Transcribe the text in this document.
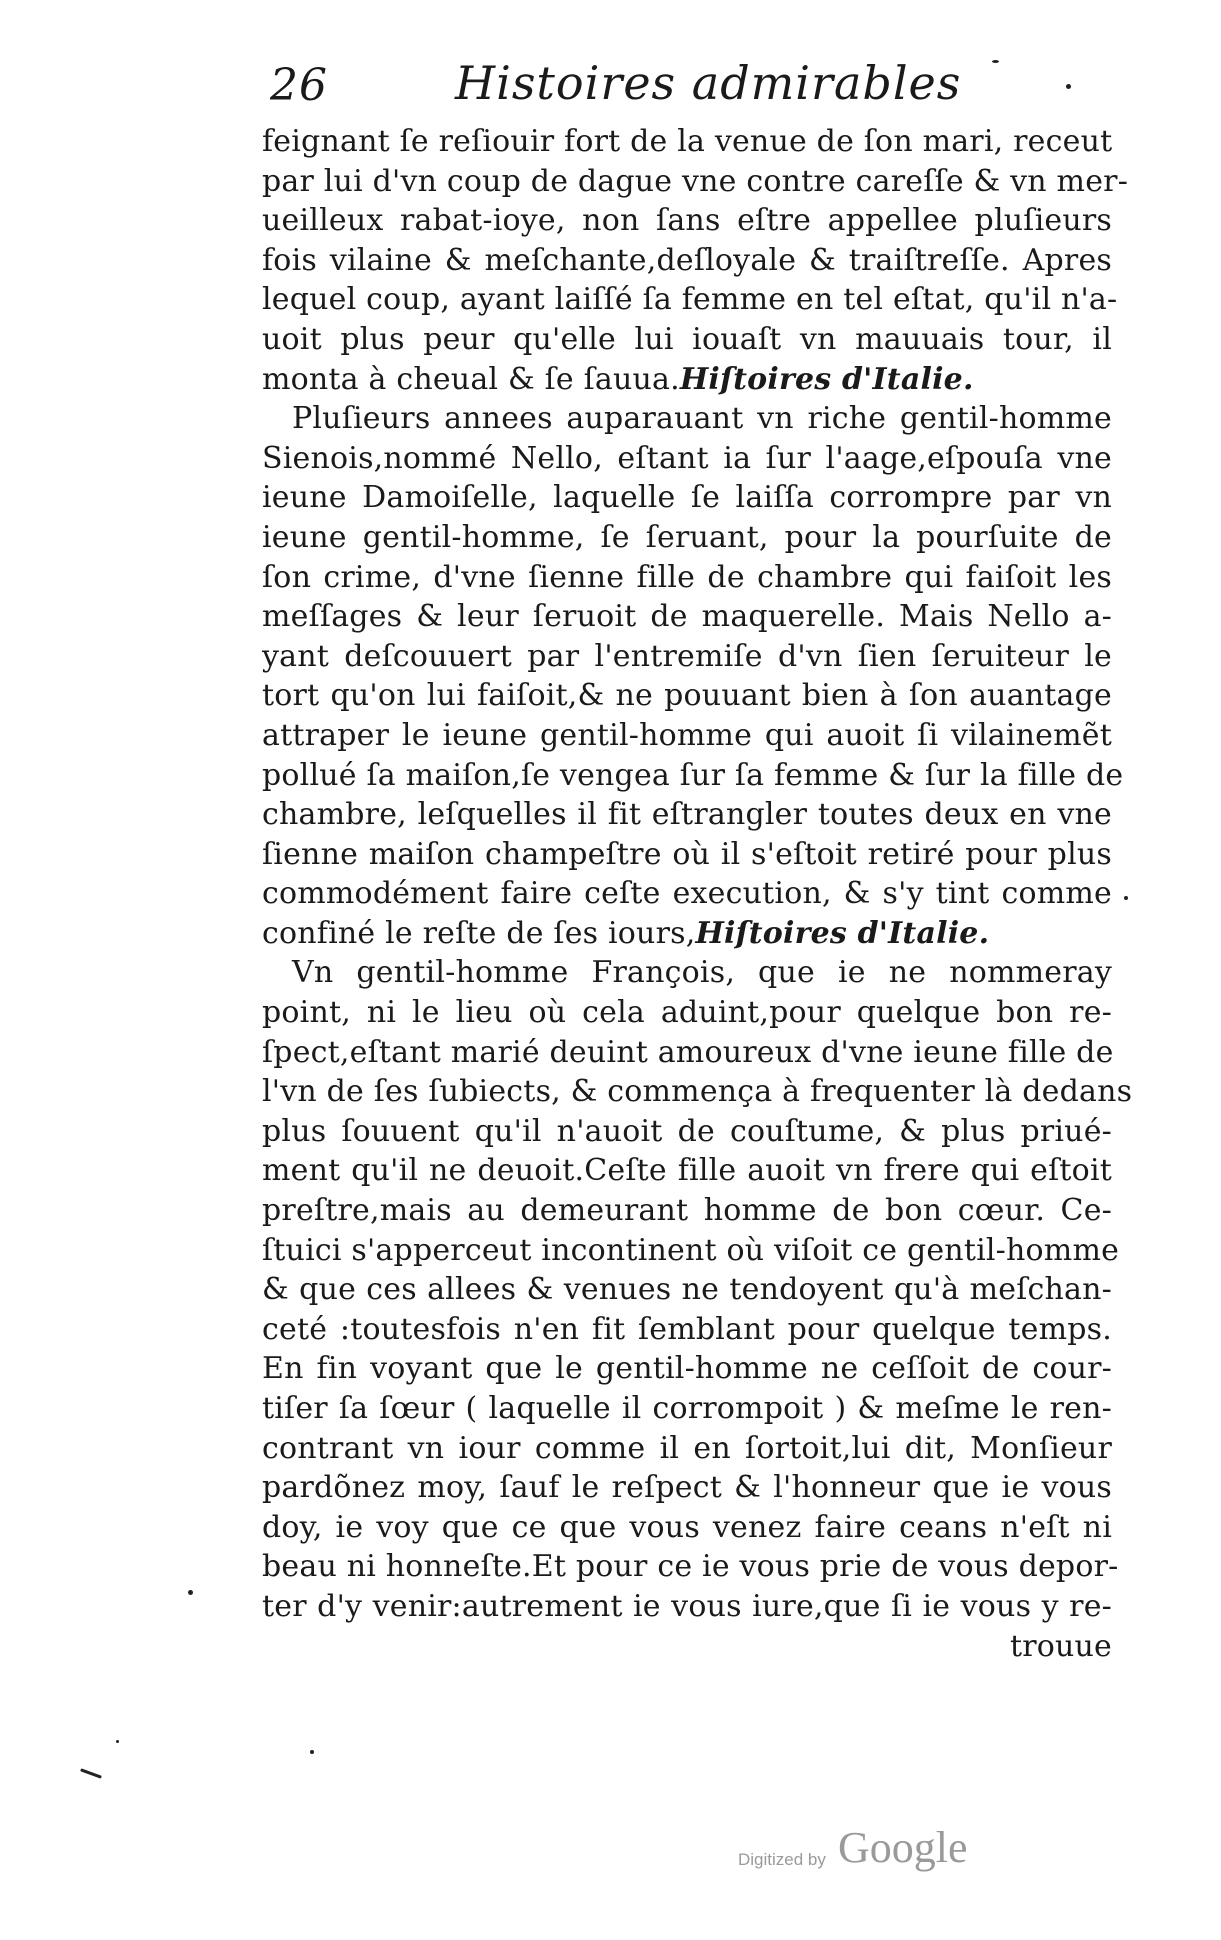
26	Histoires admirables
feignant ſe reſiouir fort de la venue de ſon mari, receut
par lui d'vn coup de dague vne contre careſſe & vn mer-
ueilleux rabat-ioye, non ſans eſtre appellee pluſieurs
fois vilaine & meſchante,deſloyale & traiſtreſſe. Apres
lequel coup, ayant laiſſé ſa femme en tel eſtat, qu'il n'a-
uoit plus peur qu'elle lui iouaſt vn mauuais tour, il
monta à cheual & ſe ſauua.Hiſtoires d'Italie.
Pluſieurs annees auparauant vn riche gentil-homme
Sienois,nommé Nello, eſtant ia ſur l'aage,eſpouſa vne
ieune Damoiſelle, laquelle ſe laiſſa corrompre par vn
ieune gentil-homme, ſe ſeruant, pour la pourſuite de
ſon crime, d'vne ſienne fille de chambre qui faiſoit les
meſſages & leur ſeruoit de maquerelle. Mais Nello a-
yant deſcouuert par l'entremiſe d'vn ſien ſeruiteur le
tort qu'on lui faiſoit,& ne pouuant bien à ſon auantage
attraper le ieune gentil-homme qui auoit ſi vilainemẽt
pollué ſa maiſon,ſe vengea ſur ſa femme & ſur la fille de
chambre, leſquelles il fit eſtrangler toutes deux en vne
ſienne maiſon champeſtre où il s'eſtoit retiré pour plus
commodément faire ceſte execution, & s'y tint comme
confiné le reſte de ſes iours,Hiſtoires d'Italie.
Vn gentil-homme François, que ie ne nommeray
point, ni le lieu où cela aduint,pour quelque bon re-
ſpect,eſtant marié deuint amoureux d'vne ieune fille de
l'vn de ſes ſubiects, & commença à frequenter là dedans
plus ſouuent qu'il n'auoit de couſtume, & plus priué-
ment qu'il ne deuoit.Ceſte fille auoit vn frere qui eſtoit
preſtre,mais au demeurant homme de bon cœur. Ce-
ſtuici s'apperceut incontinent où viſoit ce gentil-homme
& que ces allees & venues ne tendoyent qu'à meſchan-
ceté :toutesfois n'en fit ſemblant pour quelque temps.
En fin voyant que le gentil-homme ne ceſſoit de cour-
tiſer ſa ſœur ( laquelle il corrompoit ) & meſme le ren-
contrant vn iour comme il en ſortoit,lui dit, Monſieur
pardõnez moy, ſauf le reſpect & l'honneur que ie vous
doy, ie voy que ce que vous venez faire ceans n'eſt ni
beau ni honneſte.Et pour ce ie vous prie de vous depor-
ter d'y venir:autrement ie vous iure,que ſi ie vous y re-
trouue
Digitized by Google
